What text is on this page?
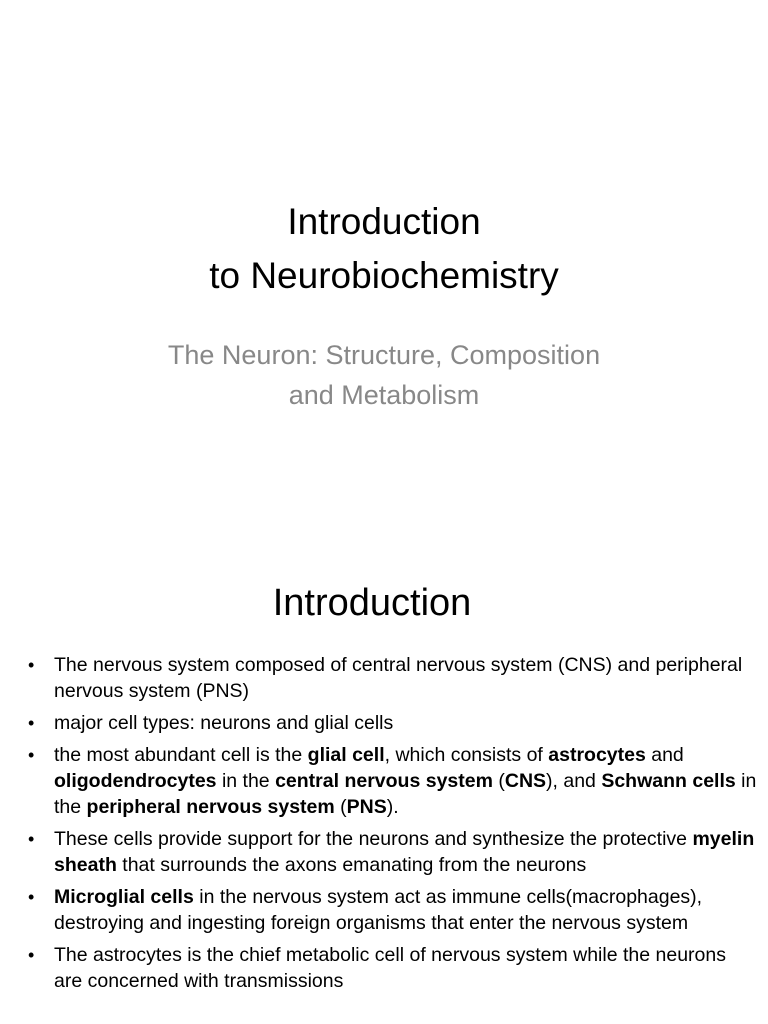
Introduction
to Neurobiochemistry
The Neuron: Structure, Composition
and Metabolism
Introduction
• The nervous system composed of central nervous system (CNS) and peripheral nervous system (PNS)
• major cell types: neurons and glial cells
• the most abundant cell is the glial cell, which consists of astrocytes and oligodendrocytes in the central nervous system (CNS), and Schwann cells in the peripheral nervous system (PNS).
• These cells provide support for the neurons and synthesize the protective myelin sheath that surrounds the axons emanating from the neurons
• Microglial cells in the nervous system act as immune cells(macrophages), destroying and ingesting foreign organisms that enter the nervous system
• The astrocytes is the chief metabolic cell of nervous system while the neurons are concerned with transmissions
